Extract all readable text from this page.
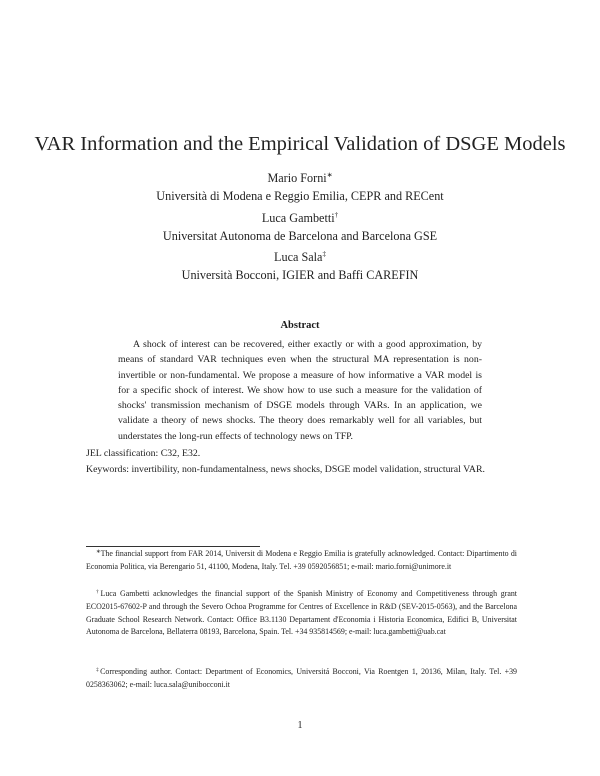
VAR Information and the Empirical Validation of DSGE Models
Mario Forni∗
Università di Modena e Reggio Emilia, CEPR and RECent
Luca Gambetti†
Universitat Autonoma de Barcelona and Barcelona GSE
Luca Sala‡
Università Bocconi, IGIER and Baffi CAREFIN
Abstract
A shock of interest can be recovered, either exactly or with a good approximation, by means of standard VAR techniques even when the structural MA representation is non-invertible or non-fundamental. We propose a measure of how informative a VAR model is for a specific shock of interest. We show how to use such a measure for the validation of shocks' transmission mechanism of DSGE models through VARs. In an application, we validate a theory of news shocks. The theory does remarkably well for all variables, but understates the long-run effects of technology news on TFP.
JEL classification: C32, E32.
Keywords: invertibility, non-fundamentalness, news shocks, DSGE model validation, structural VAR.
∗The financial support from FAR 2014, Universit di Modena e Reggio Emilia is gratefully acknowledged. Contact: Dipartimento di Economia Politica, via Berengario 51, 41100, Modena, Italy. Tel. +39 0592056851; e-mail: mario.forni@unimore.it
†Luca Gambetti acknowledges the financial support of the Spanish Ministry of Economy and Competitiveness through grant ECO2015-67602-P and through the Severo Ochoa Programme for Centres of Excellence in R&D (SEV-2015-0563), and the Barcelona Graduate School Research Network. Contact: Office B3.1130 Departament d'Economia i Historia Economica, Edifici B, Universitat Autonoma de Barcelona, Bellaterra 08193, Barcelona, Spain. Tel. +34 935814569; e-mail: luca.gambetti@uab.cat
‡Corresponding author. Contact: Department of Economics, Universitá Bocconi, Via Roentgen 1, 20136, Milan, Italy. Tel. +39 0258363062; e-mail: luca.sala@unibocconi.it
1
